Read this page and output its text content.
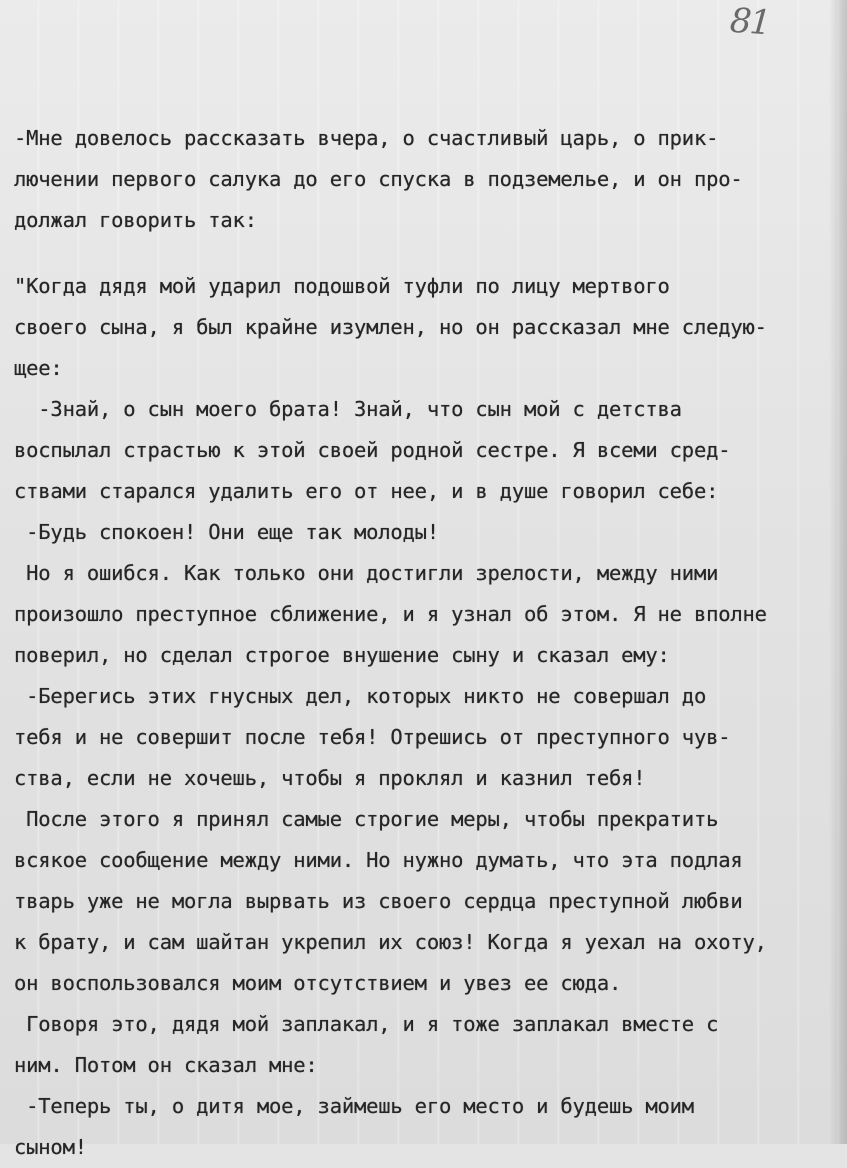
81
-Мне довелось рассказать вчера, о счастливый царь, о прик-
лючении первого салука до его спуска в подземелье, и он про-
должал говорить так:
"Когда дядя мой ударил подошвой туфли по лицу мертвого
своего сына, я был крайне изумлен, но он рассказал мне следую-
щее:
-Знай, о сын моего брата! Знай, что сын мой с детства
воспылал страстью к этой своей родной сестре. Я всеми сред-
ствами старался удалить его от нее, и в душе говорил себе:
-Будь спокоен! Они еще так молоды!
Но я ошибся. Как только они достигли зрелости, между ними
произошло преступное сближение, и я узнал об этом. Я не вполне
поверил, но сделал строгое внушение сыну и сказал ему:
-Берегись этих гнусных дел, которых никто не совершал до
тебя и не совершит после тебя! Отрешись от преступного чув-
ства, если не хочешь, чтобы я проклял и казнил тебя!
После этого я принял самые строгие меры, чтобы прекратить
всякое сообщение между ними. Но нужно думать, что эта подлая
тварь уже не могла вырвать из своего сердца преступной любви
к брату, и сам шайтан укрепил их союз! Когда я уехал на охоту,
он воспользовался моим отсутствием и увез ее сюда.
Говоря это, дядя мой заплакал, и я тоже заплакал вместе с
ним. Потом он сказал мне:
-Теперь ты, о дитя мое, займешь его место и будешь моим
сыном!
